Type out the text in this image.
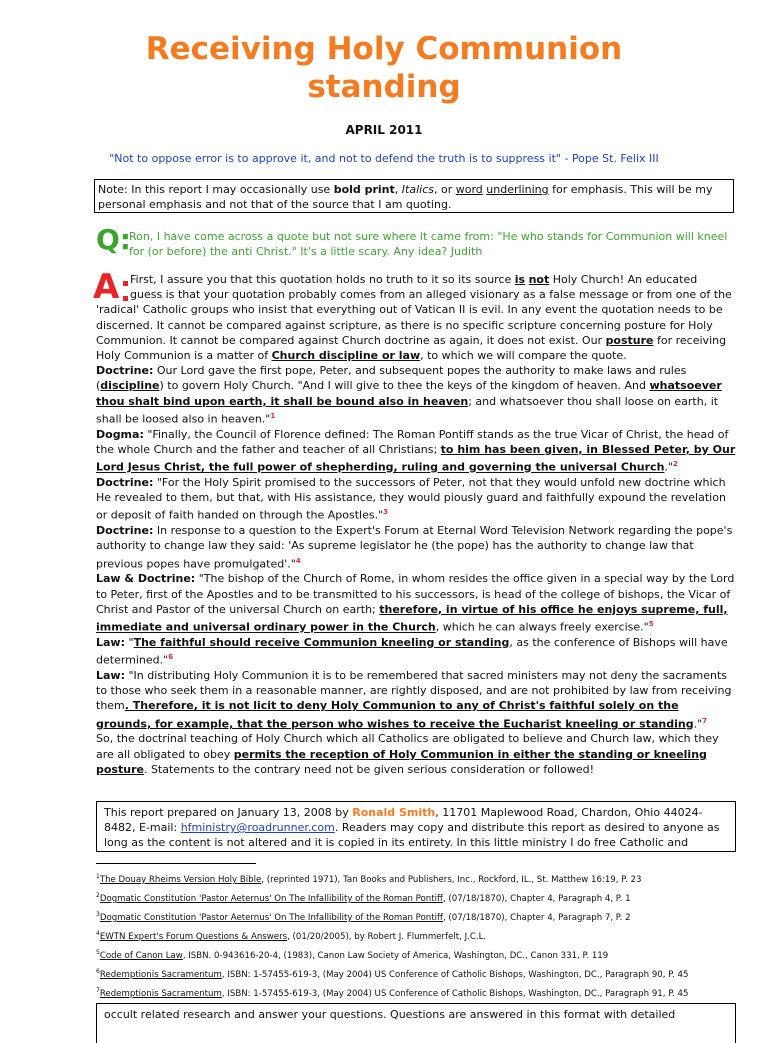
Receiving Holy Communion
standing
APRIL 2011
"Not to oppose error is to approve it, and not to defend the truth is to suppress it" - Pope St. Felix III
Note: In this report I may occasionally use bold print, Italics, or word underlining for emphasis. This will be my personal emphasis and not that of the source that I am quoting.
Q:
Ron, I have come across a quote but not sure where it came from: "He who stands for Communion will kneel for (or before) the anti Christ." It's a little scary. Any idea? Judith
A First, I assure you that this quotation holds no truth to it so its source is not Holy Church! An educated

guess is that your quotation probably comes from an alleged visionary as a false message or from one of the 'radical' Catholic groups who insist that everything out of Vatican II is evil. In any event the quotation needs to be discerned. It cannot be compared against scripture, as there is no specific scripture concerning posture for Holy Communion. It cannot be compared against Church doctrine as again, it does not exist. Our posture for receiving Holy Communion is a matter of Church discipline or law, to which we will compare the quote.

Doctrine: Our Lord gave the first pope, Peter, and subsequent popes the authority to make laws and rules (discipline) to govern Holy Church. "And I will give to thee the keys of the kingdom of heaven. And whatsoever thou shalt bind upon earth, it shall be bound also in heaven; and whatsoever thou shall loose on earth, it shall be loosed also in heaven."$^1$

Dogma: "Finally, the Council of Florence defined: The Roman Pontiff stands as the true Vicar of Christ, the head of the whole Church and the father and teacher of all Christians; to him has been given, in Blessed Peter, by Our Lord Jesus Christ, the full power of shepherding, ruling and governing the universal Church."$^2$

Doctrine: "For the Holy Spirit promised to the successors of Peter, not that they would unfold new doctrine which He revealed to them, but that, with His assistance, they would piously guard and faithfully expound the revelation or deposit of faith handed on through the Apostles."$^3$

Doctrine: In response to a question to the Expert's Forum at Eternal Word Television Network regarding the pope's authority to change law they said: 'As supreme legislator he (the pope) has the authority to change law that previous popes have promulgated'."$^4$

Law & Doctrine: "The bishop of the Church of Rome, in whom resides the office given in a special way by the Lord to Peter, first of the Apostles and to be transmitted to his successors, is head of the college of bishops, the Vicar of Christ and Pastor of the universal Church on earth; therefore, in virtue of his office he enjoys supreme, full, immediate and universal ordinary power in the Church, which he can always freely exercise."$^5$

Law: "The faithful should receive Communion kneeling or standing, as the conference of Bishops will have determined."$^6$

Law: "In distributing Holy Communion it is to be remembered that sacred ministers may not deny the sacraments to those who seek them in a reasonable manner, are rightly disposed, and are not prohibited by law from receiving them. Therefore, it is not licit to deny Holy Communion to any of Christ's faithful solely on the grounds, for example, that the person who wishes to receive the Eucharist kneeling or standing."$^7$

So, the doctrinal teaching of Holy Church which all Catholics are obligated to believe and Church law, which they are all obligated to obey permits the reception of Holy Communion in either the standing or kneeling posture. Statements to the contrary need not be given serious consideration or followed!

This report prepared on January 13, 2008 by Ronald Smith, 11701 Maplewood Road, Chardon, Ohio 44024-8482, E-mail: hfministry@roadrunner.com. Readers may copy and distribute this report as desired to anyone as long as the content is not altered and it is copied in its entirety. In this little ministry I do free Catholic and
$^1$The Douay Rheims Version Holy Bible, (reprinted 1971), Tan Books and Publishers, Inc., Rockford, IL., St. Matthew 16:19, P. 23
$^2$Dogmatic Constitution 'Pastor Aeternus' On The Infallibility of the Roman Pontiff, (07/18/1870), Chapter 4, Paragraph 4, P. 1
$^3$Dogmatic Constitution 'Pastor Aeternus' On The Infallibility of the Roman Pontiff, (07/18/1870), Chapter 4, Paragraph 7, P. 2
$^4$EWTN Expert's Forum Questions & Answers, (01/20/2005), by Robert J. Flummerfelt, J.C.L.
$^5$Code of Canon Law, ISBN. 0-943616-20-4, (1983), Canon Law Society of America, Washington, DC., Canon 331, P. 119
$^6$Redemptionis Sacramentum, ISBN: 1-57455-619-3, (May 2004) US Conference of Catholic Bishops, Washington, DC., Paragraph 90, P. 45
$^7$Redemptionis Sacramentum, ISBN: 1-57455-619-3, (May 2004) US Conference of Catholic Bishops, Washington, DC., Paragraph 91, P. 45
occult related research and answer your questions. Questions are answered in this format with detailed
